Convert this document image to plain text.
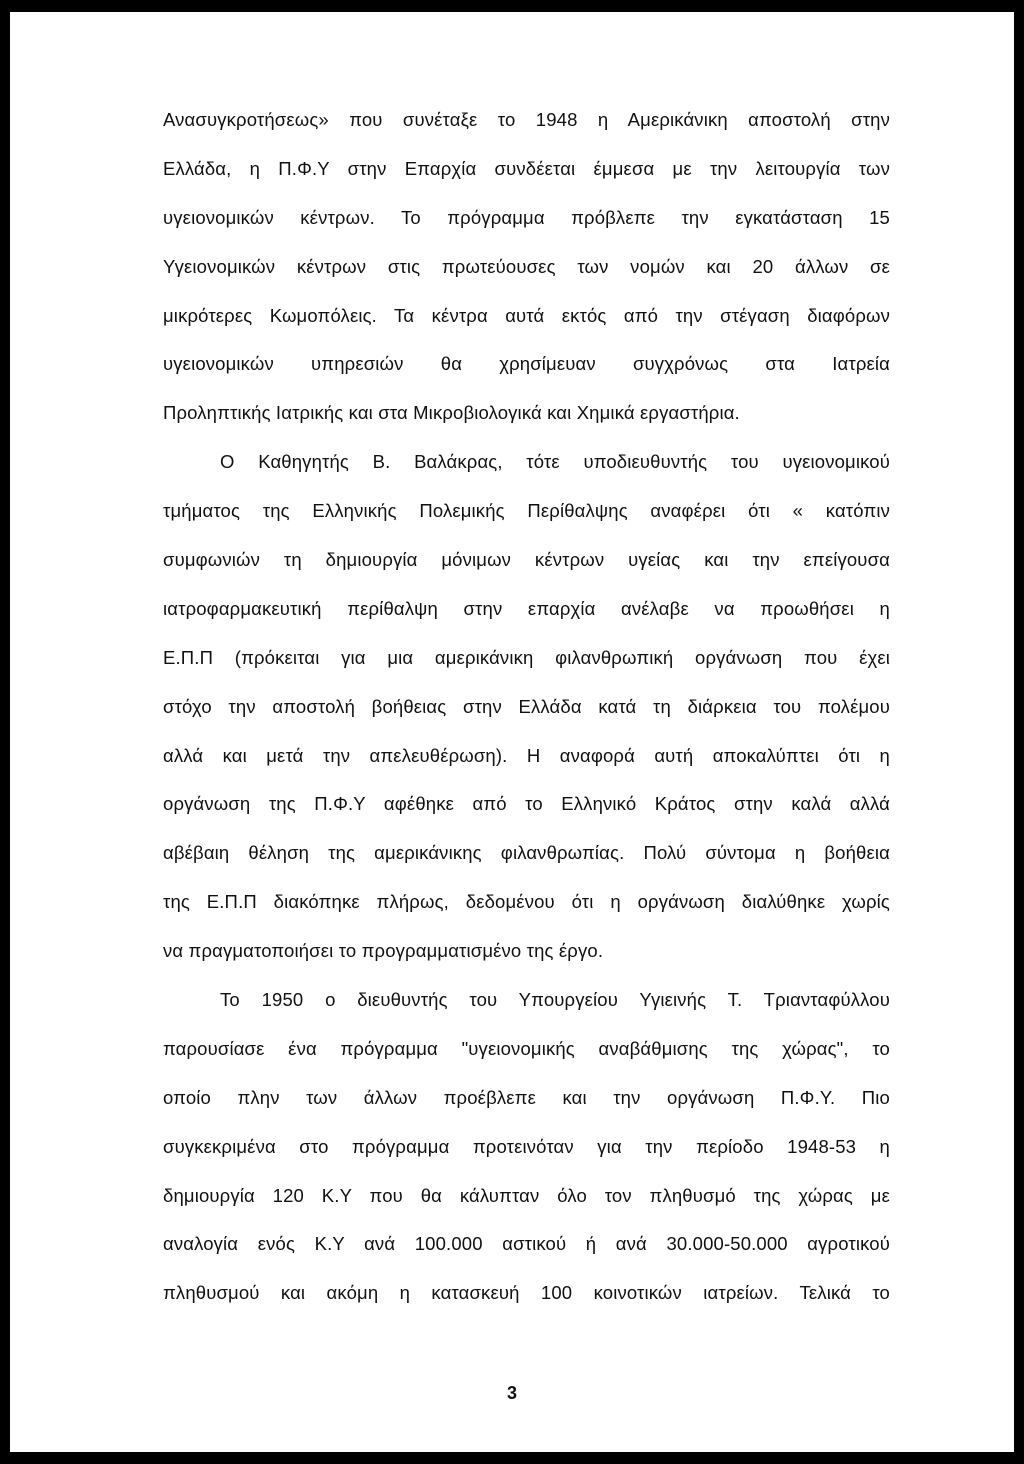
Ανασυγκροτήσεως» που συνέταξε το 1948 η Αμερικάνικη αποστολή στην
Ελλάδα, η Π.Φ.Υ στην Επαρχία συνδέεται έμμεσα με την λειτουργία των
υγειονομικών κέντρων. Το πρόγραμμα πρόβλεπε την εγκατάσταση 15
Υγειονομικών κέντρων στις πρωτεύουσες των νομών και 20 άλλων σε
μικρότερες Κωμοπόλεις. Τα κέντρα αυτά εκτός από την στέγαση διαφόρων
υγειονομικών υπηρεσιών θα χρησίμευαν συγχρόνως στα Ιατρεία
Προληπτικής Ιατρικής και στα Μικροβιολογικά και Χημικά εργαστήρια.
Ο Καθηγητής Β. Βαλάκρας, τότε υποδιευθυντής του υγειονομικού
τμήματος της Ελληνικής Πολεμικής Περίθαλψης αναφέρει ότι « κατόπιν
συμφωνιών τη δημιουργία μόνιμων κέντρων υγείας και την επείγουσα
ιατροφαρμακευτική περίθαλψη στην επαρχία ανέλαβε να προωθήσει η
Ε.Π.Π (πρόκειται για μια αμερικάνικη φιλανθρωπική οργάνωση που έχει
στόχο την αποστολή βοήθειας στην Ελλάδα κατά τη διάρκεια του πολέμου
αλλά και μετά την απελευθέρωση). Η αναφορά αυτή αποκαλύπτει ότι η
οργάνωση της Π.Φ.Υ αφέθηκε από το Ελληνικό Κράτος στην καλά αλλά
αβέβαιη θέληση της αμερικάνικης φιλανθρωπίας. Πολύ σύντομα η βοήθεια
της Ε.Π.Π διακόπηκε πλήρως, δεδομένου ότι η οργάνωση διαλύθηκε χωρίς
να πραγματοποιήσει το προγραμματισμένο της έργο.
Το 1950 ο διευθυντής του Υπουργείου Υγιεινής Τ. Τριανταφύλλου
παρουσίασε ένα πρόγραμμα "υγειονομικής αναβάθμισης της χώρας", το
οποίο πλην των άλλων προέβλεπε και την οργάνωση Π.Φ.Υ. Πιο
συγκεκριμένα στο πρόγραμμα προτεινόταν για την περίοδο 1948-53 η
δημιουργία 120 Κ.Υ που θα κάλυπταν όλο τον πληθυσμό της χώρας με
αναλογία ενός Κ.Υ ανά 100.000 αστικού ή ανά 30.000-50.000 αγροτικού
πληθυσμού και ακόμη η κατασκευή 100 κοινοτικών ιατρείων. Τελικά το
3
